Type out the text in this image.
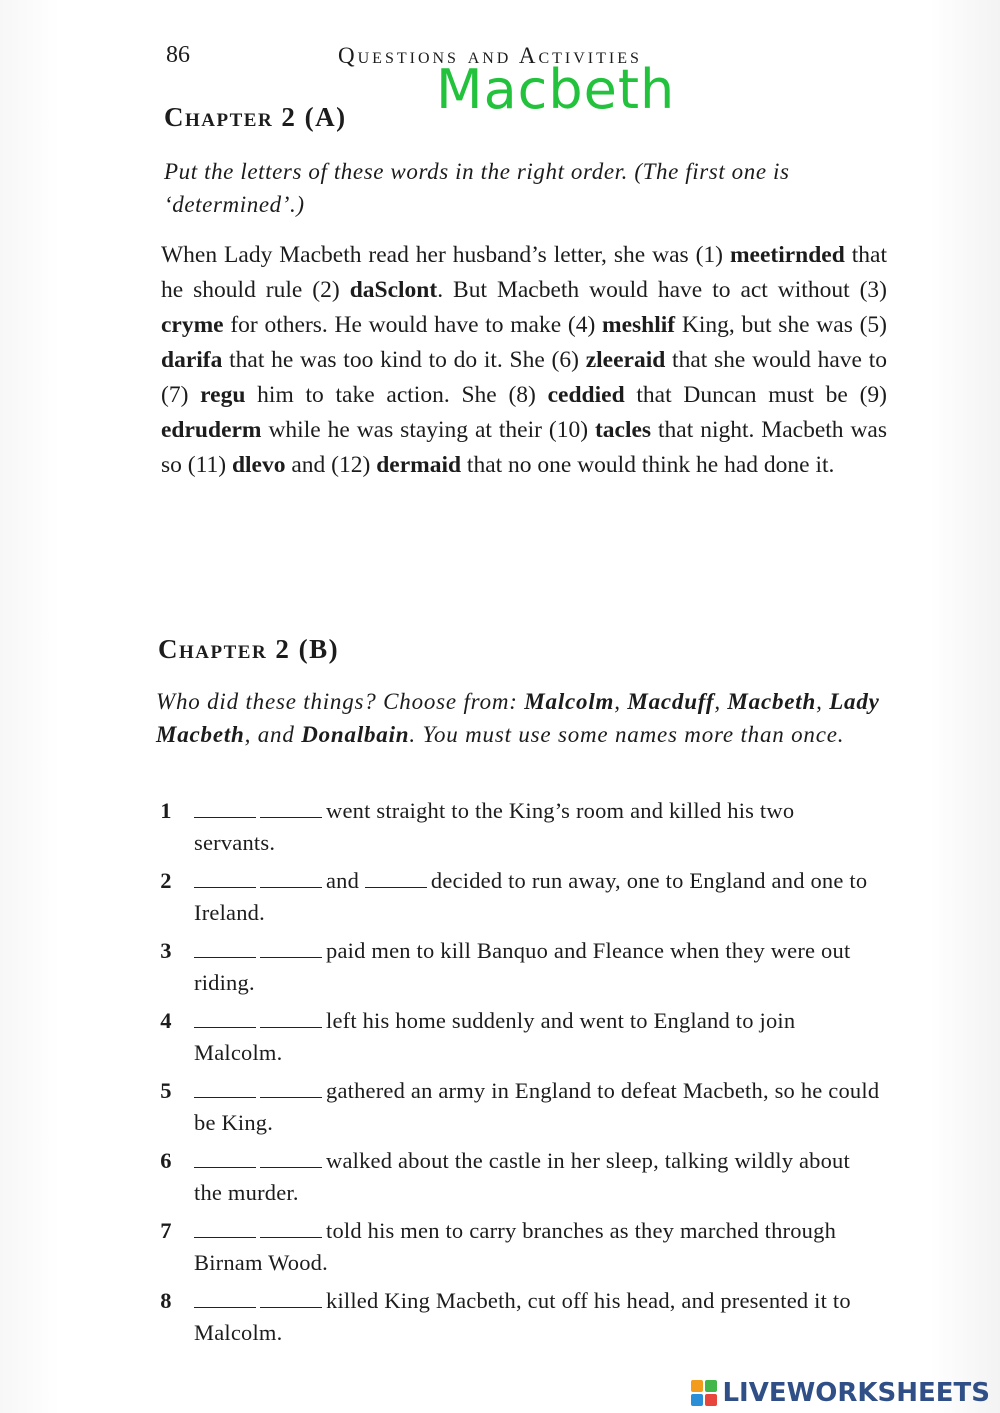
86	Questions and Activities
Macbeth
Chapter 2 (A)
Put the letters of these words in the right order. (The first one is ‘determined’.)
When Lady Macbeth read her husband’s letter, she was (1) meetirnded that he should rule (2) daSclont. But Macbeth would have to act without (3) cryme for others. He would have to make (4) meshlif King, but she was (5) darifa that he was too kind to do it. She (6) zleeraid that she would have to (7) regu him to take action. She (8) ceddied that Duncan must be (9) edruderm while he was staying at their (10) tacles that night. Macbeth was so (11) dlevo and (12) dermaid that no one would think he had done it.
Chapter 2 (B)
Who did these things? Choose from: Malcolm, Macduff, Macbeth, Lady Macbeth, and Donalbain. You must use some names more than once.
1	went straight to the King’s room and killed his two servants.
2	and	decided to run away, one to England and one to Ireland.
3	paid men to kill Banquo and Fleance when they were out riding.
4	left his home suddenly and went to England to join Malcolm.
5	gathered an army in England to defeat Macbeth, so he could be King.
6	walked about the castle in her sleep, talking wildly about the murder.
7	told his men to carry branches as they marched through Birnam Wood.
8	killed King Macbeth, cut off his head, and presented it to Malcolm.
LIVEWORKSHEETS
